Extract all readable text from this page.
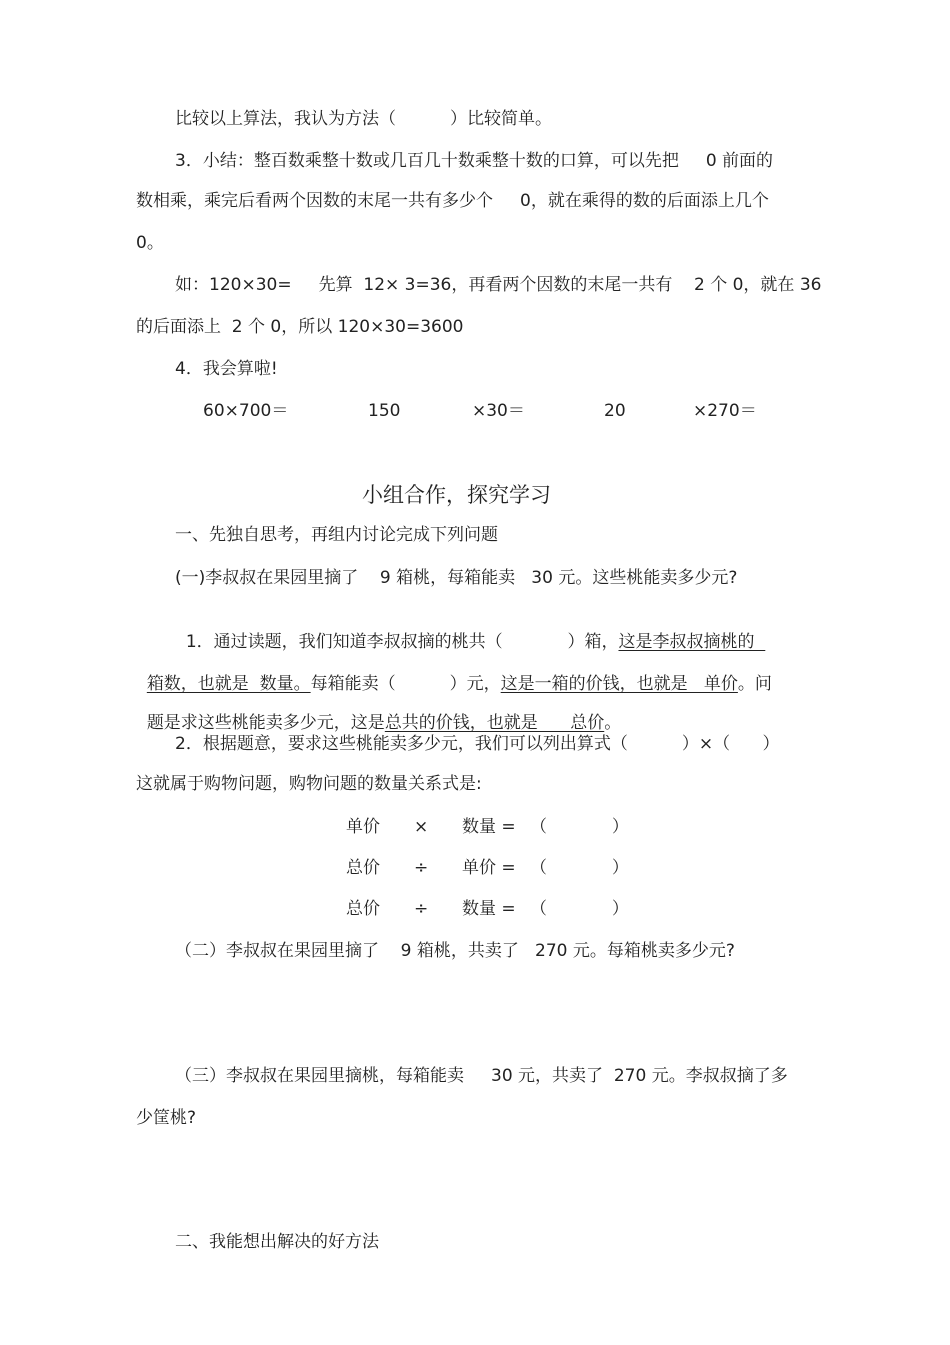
比较以上算法，我认为方法（          ）比较简单。
3．小结：整百数乘整十数或几百几十数乘整十数的口算，可以先把     0 前面的
数相乘，乘完后看两个因数的末尾一共有多少个     0，就在乘得的数的后面添上几个
0。
如：120×30=     先算  12× 3=36，再看两个因数的末尾一共有    2 个 0，就在 36
的后面添上  2 个 0，所以 120×30=3600
4．我会算啦!
60×700＝	150	×30＝	20	×270＝
小组合作，探究学习
一、先独自思考，再组内讨论完成下列问题
(一)李叔叔在果园里摘了    9 箱桃，每箱能卖   30 元。这些桃能卖多少元?

1．通过读题，我们知道李叔叔摘的桃共（            ）箱，这是李叔叔摘桃的

箱数，也就是  数量。每箱能卖（          ）元，这是一箱的价钱，也就是   单价。问

题是求这些桃能卖多少元，这是总共的价钱，也就是      总价。

2．根据题意，要求这些桃能卖多少元，我们可以列出算式（          ）×（      ）
这就属于购物问题，购物问题的数量关系式是:
单价 × 数量 = （            ）
总价 ÷ 单价 = （            ）
总价 ÷ 数量 = （            ）
（二）李叔叔在果园里摘了    9 箱桃，共卖了   270 元。每箱桃卖多少元?
（三）李叔叔在果园里摘桃，每箱能卖     30 元，共卖了  270 元。李叔叔摘了多
少筐桃?
二、我能想出解决的好方法
